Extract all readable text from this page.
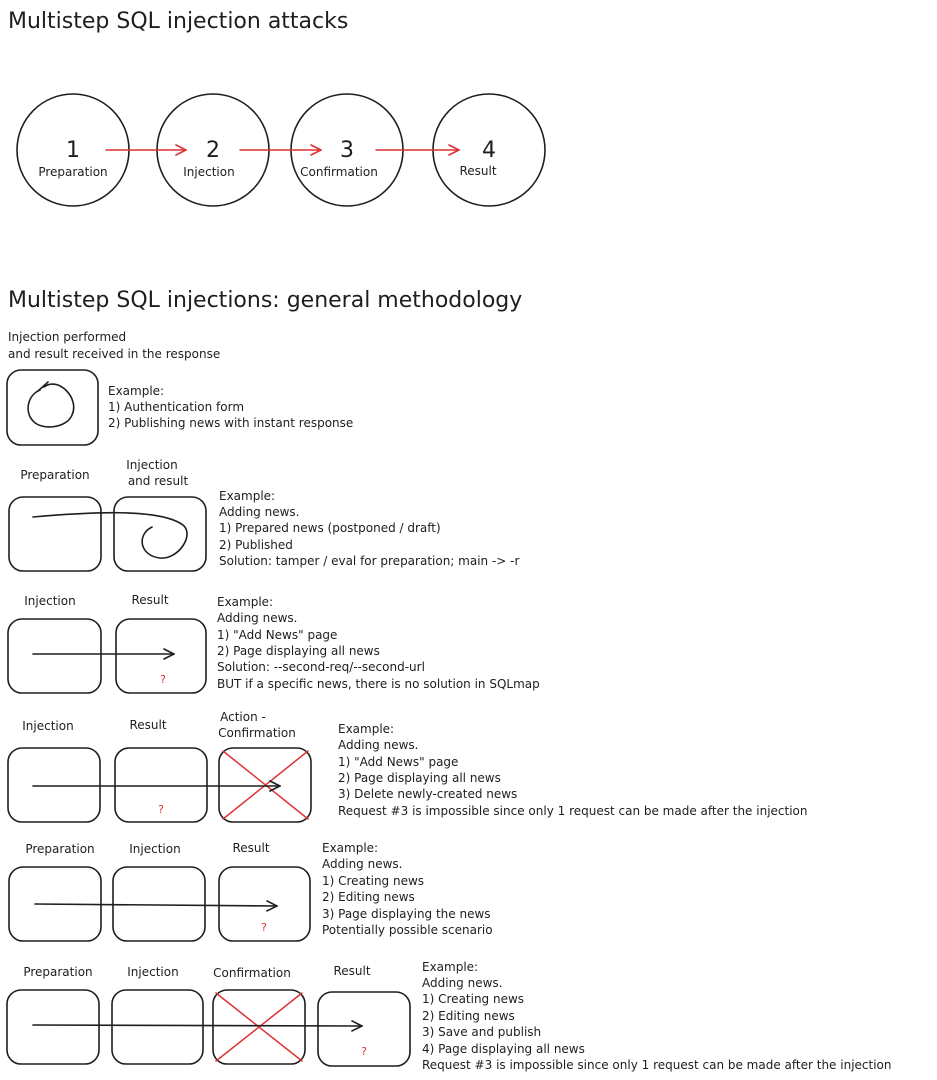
Multistep SQL injection attacks
1
Preparation
2
Injection
3
Confirmation
4
Result
Multistep SQL injections: general methodology
Injection performed
and result received in the response
Example:
1) Authentication form
2) Publishing news with instant response
Preparation
Injection
and result
Example:
Adding news.
1) Prepared news (postponed / draft)
2) Published
Solution: tamper / eval for preparation; main -> -r
Injection	Result
?
Example:
Adding news.
1) "Add News" page
2) Page displaying all news
Solution: --second-req/--second-url
BUT if a specific news, there is no solution in SQLmap
Injection	Result
Action -
Confirmation
?
Example:
Adding news.
1) "Add News" page
2) Page displaying all news
3) Delete newly-created news
Request #3 is impossible since only 1 request can be made after the injection
Preparation	Injection	Result
?
Example:
Adding news.
1) Creating news
2) Editing news
3) Page displaying the news
Potentially possible scenario
Preparation	Injection	Confirmation	Result
?
Example:
Adding news.
1) Creating news
2) Editing news
3) Save and publish
4) Page displaying all news
Request #3 is impossible since only 1 request can be made after the injection
